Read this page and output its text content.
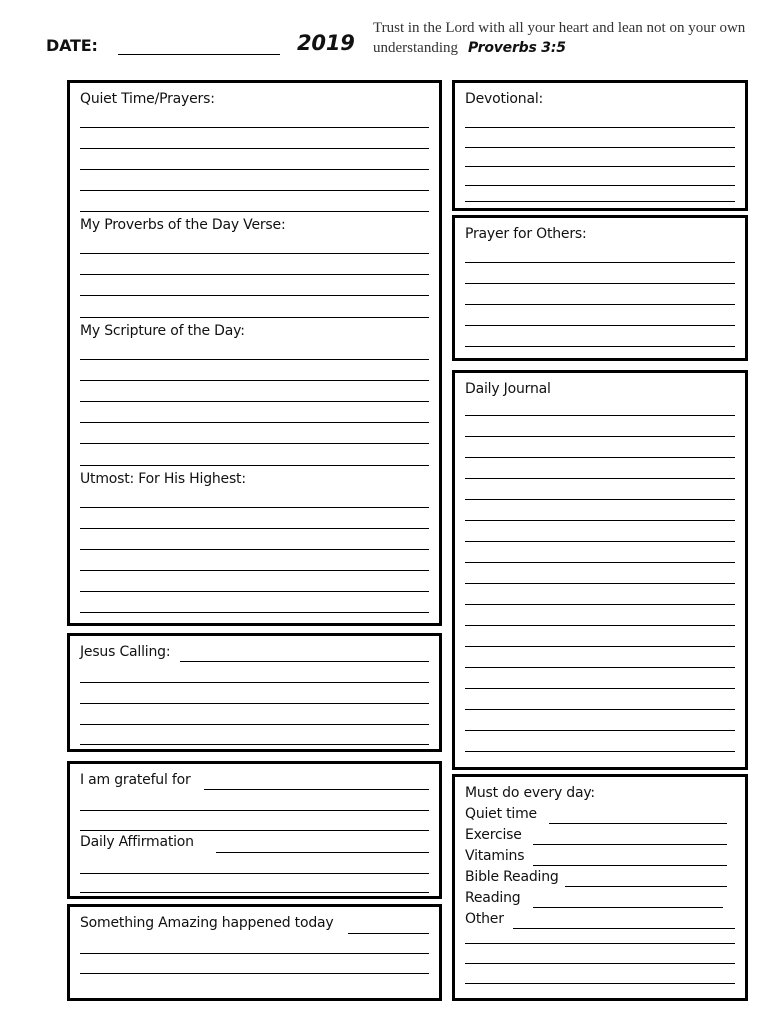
DATE:	2019
Trust in the Lord with all your heart and lean not on your own understanding Proverbs 3:5
Quiet Time/Prayers:
My Proverbs of the Day Verse:
My Scripture of the Day:
Utmost: For His Highest:
Jesus Calling:
I am grateful for
Daily Affirmation
Something Amazing happened today
Devotional:
Prayer for Others:
Daily Journal
Must do every day:
Quiet time
Exercise
Vitamins
Bible Reading
Reading
Other
